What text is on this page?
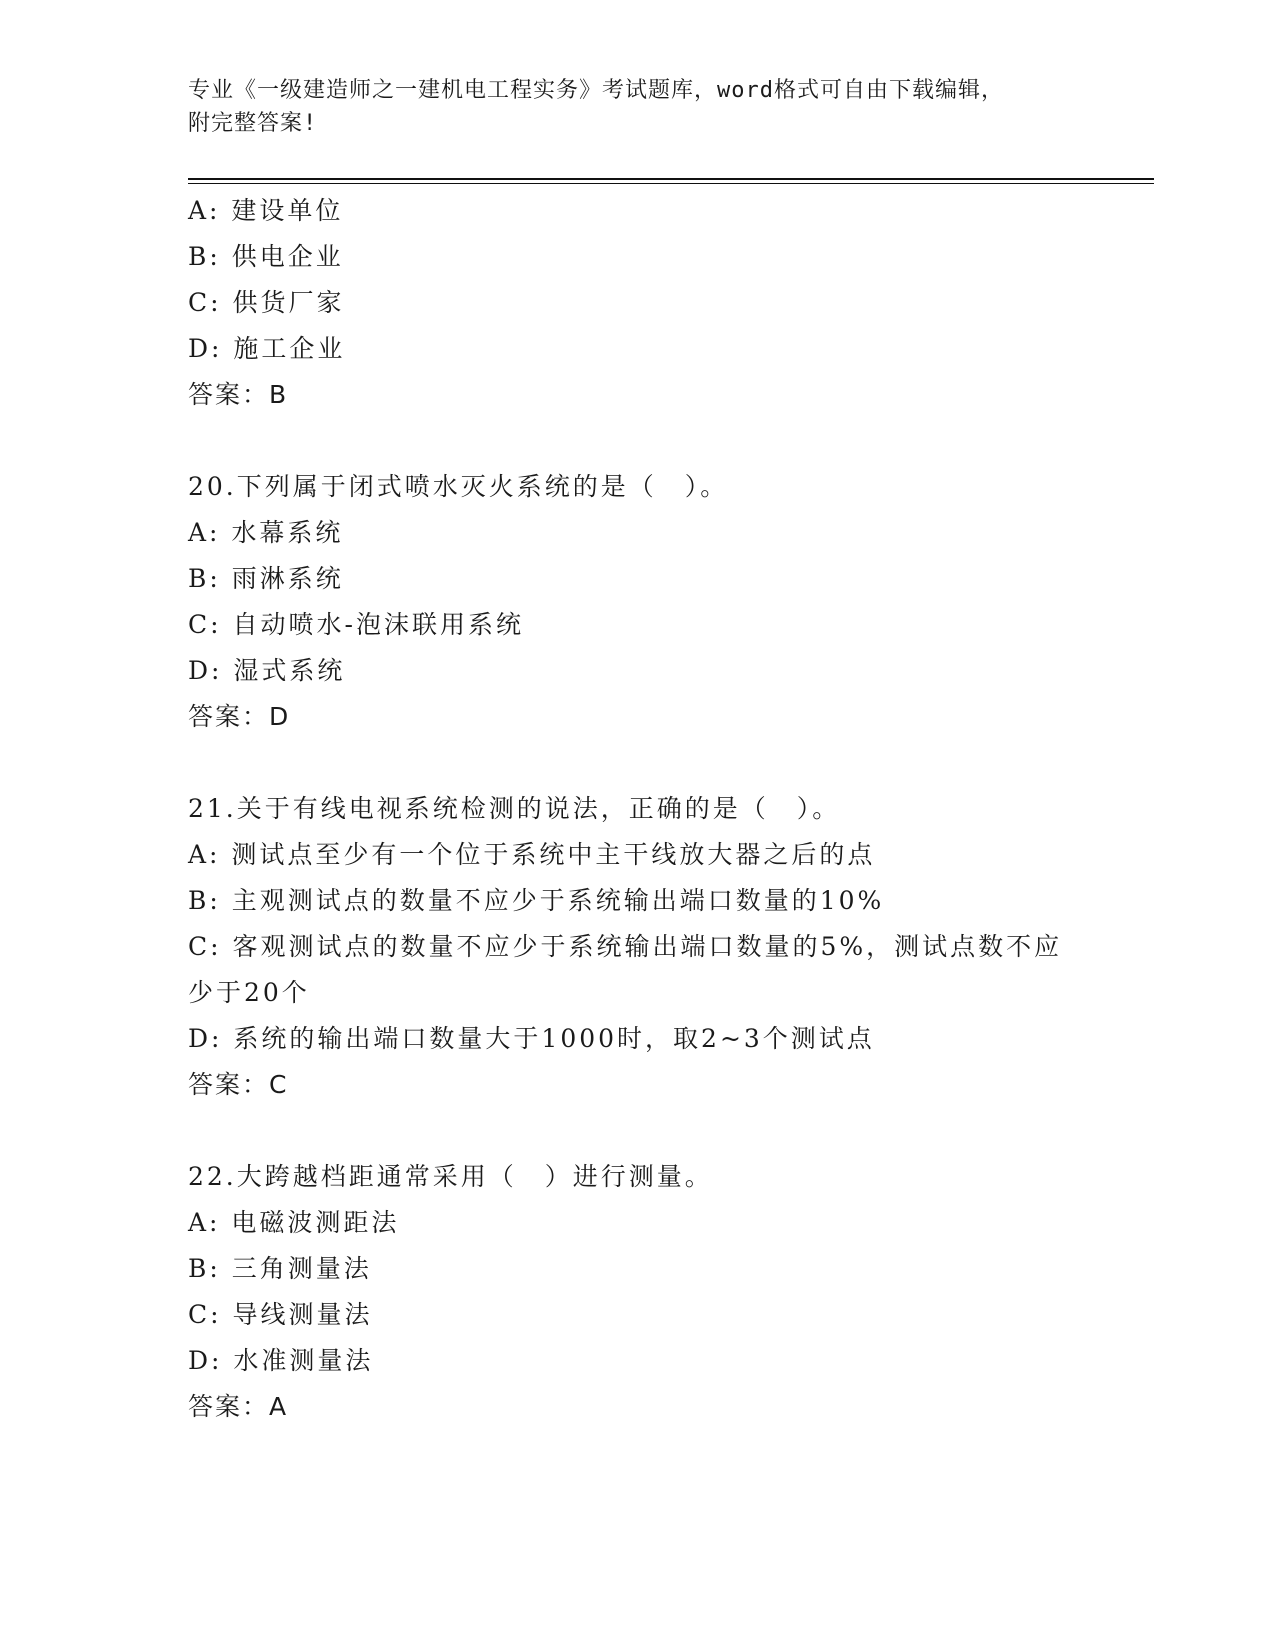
专业《一级建造师之一建机电工程实务》考试题库，word格式可自由下载编辑，
附完整答案!
A: 建设单位
B: 供电企业
C: 供货厂家
D: 施工企业
答案：B
20.下列属于闭式喷水灭火系统的是（　）。
A: 水幕系统
B: 雨淋系统
C: 自动喷水-泡沫联用系统
D: 湿式系统
答案：D
21.关于有线电视系统检测的说法，正确的是（　）。
A: 测试点至少有一个位于系统中主干线放大器之后的点
B: 主观测试点的数量不应少于系统输出端口数量的10%
C: 客观测试点的数量不应少于系统输出端口数量的5%，测试点数不应少于20个
D: 系统的输出端口数量大于1000时，取2~3个测试点
答案：C
22.大跨越档距通常采用（　）进行测量。
A: 电磁波测距法
B: 三角测量法
C: 导线测量法
D: 水准测量法
答案：A
